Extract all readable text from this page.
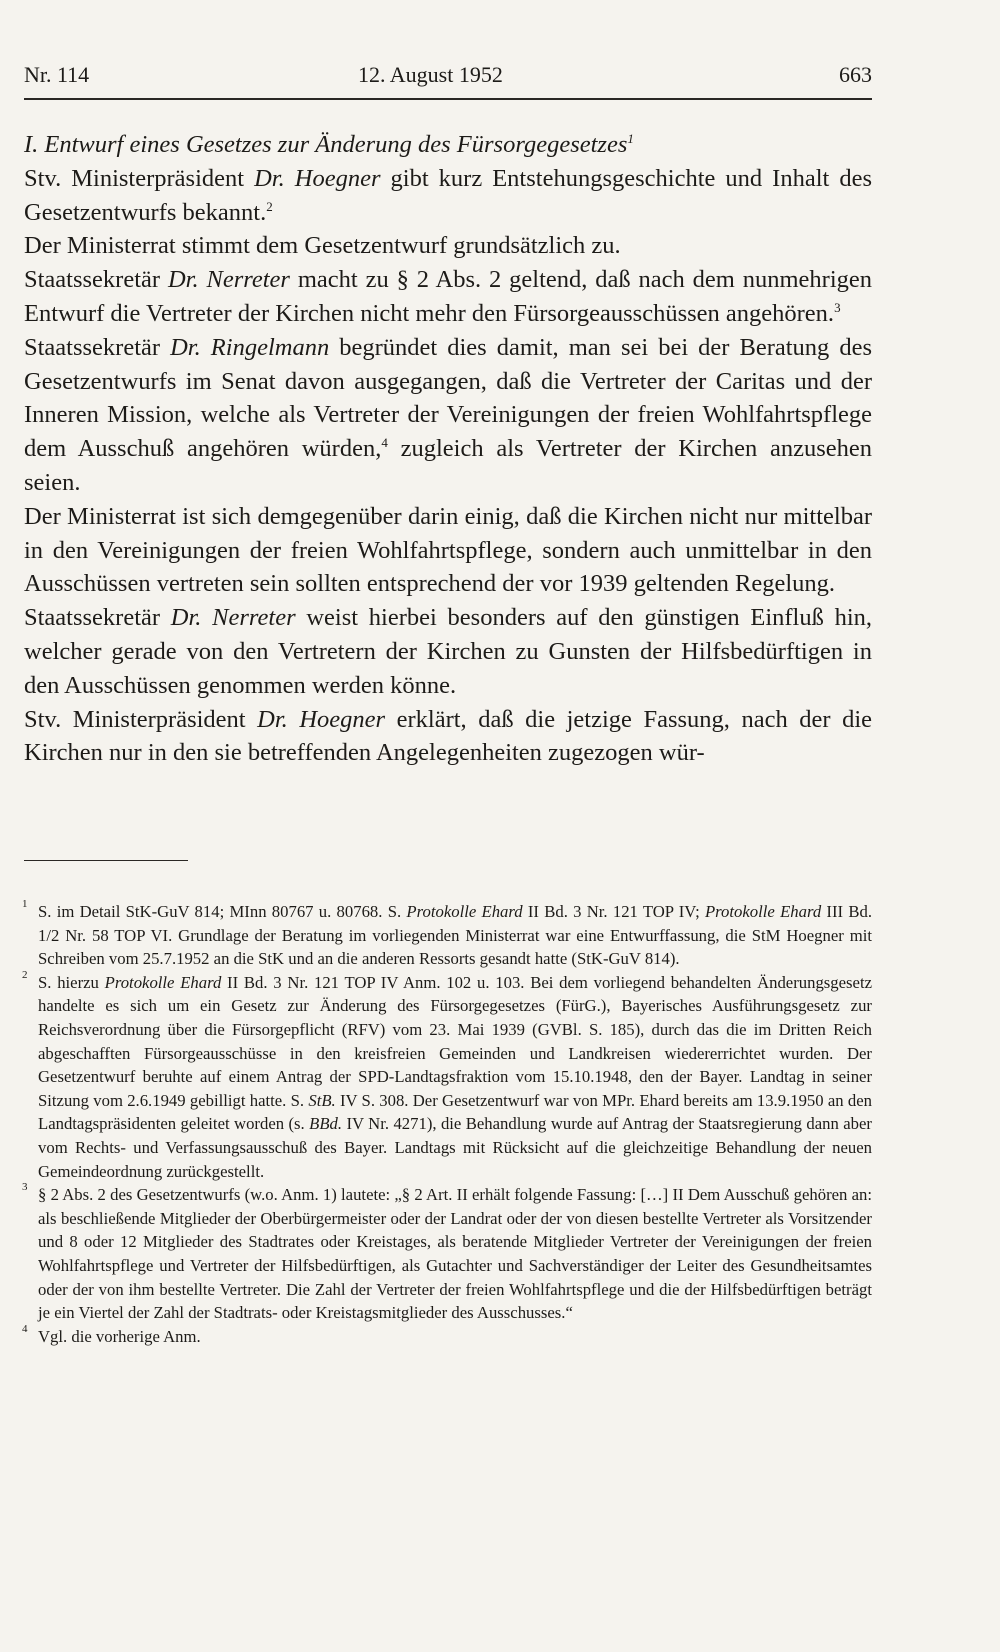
Nr. 114	12. August 1952	663

I. Entwurf eines Gesetzes zur Änderung des Fürsorgegesetzes$^1$

Stv. Ministerpräsident Dr. Hoegner gibt kurz Entstehungsgeschichte und Inhalt des Gesetzentwurfs bekannt.$^2$

Der Ministerrat stimmt dem Gesetzentwurf grundsätzlich zu.

Staatssekretär Dr. Nerreter macht zu § 2 Abs. 2 geltend, daß nach dem nunmehrigen Entwurf die Vertreter der Kirchen nicht mehr den Fürsorgeausschüssen angehören.$^3$

Staatssekretär Dr. Ringelmann begründet dies damit, man sei bei der Beratung des Gesetzentwurfs im Senat davon ausgegangen, daß die Vertreter der Caritas und der Inneren Mission, welche als Vertreter der Vereinigungen der freien Wohlfahrtspflege dem Ausschuß angehören würden,$^4$ zugleich als Vertreter der Kirchen anzusehen seien.

Der Ministerrat ist sich demgegenüber darin einig, daß die Kirchen nicht nur mittelbar in den Vereinigungen der freien Wohlfahrtspflege, sondern auch unmittelbar in den Ausschüssen vertreten sein sollten entsprechend der vor 1939 geltenden Regelung.

Staatssekretär Dr. Nerreter weist hierbei besonders auf den günstigen Einfluß hin, welcher gerade von den Vertretern der Kirchen zu Gunsten der Hilfsbedürftigen in den Ausschüssen genommen werden könne.

Stv. Ministerpräsident Dr. Hoegner erklärt, daß die jetzige Fassung, nach der die Kirchen nur in den sie betreffenden Angelegenheiten zugezogen wür-

1 S. im Detail StK-GuV 814; MInn 80767 u. 80768. S. Protokolle Ehard II Bd. 3 Nr. 121 TOP IV; Protokolle Ehard III Bd. 1/2 Nr. 58 TOP VI. Grundlage der Beratung im vorliegenden Ministerrat war eine Entwurffassung, die StM Hoegner mit Schreiben vom 25.7.1952 an die StK und an die anderen Ressorts gesandt hatte (StK-GuV 814).

2 S. hierzu Protokolle Ehard II Bd. 3 Nr. 121 TOP IV Anm. 102 u. 103. Bei dem vorliegend behandelten Änderungsgesetz handelte es sich um ein Gesetz zur Änderung des Fürsorgegesetzes (FürG.), Bayerisches Ausführungsgesetz zur Reichsverordnung über die Fürsorgepflicht (RFV) vom 23. Mai 1939 (GVBl. S. 185), durch das die im Dritten Reich abgeschafften Fürsorgeausschüsse in den kreisfreien Gemeinden und Landkreisen wiedererrichtet wurden. Der Gesetzentwurf beruhte auf einem Antrag der SPD-Landtagsfraktion vom 15.10.1948, den der Bayer. Landtag in seiner Sitzung vom 2.6.1949 gebilligt hatte. S. StB. IV S. 308. Der Gesetzentwurf war von MPr. Ehard bereits am 13.9.1950 an den Landtagspräsidenten geleitet worden (s. BBd. IV Nr. 4271), die Behandlung wurde auf Antrag der Staatsregierung dann aber vom Rechts- und Verfassungsausschuß des Bayer. Landtags mit Rücksicht auf die gleichzeitige Behandlung der neuen Gemeindeordnung zurückgestellt.

3 § 2 Abs. 2 des Gesetzentwurfs (w.o. Anm. 1) lautete: „§ 2 Art. II erhält folgende Fassung: […] II Dem Ausschuß gehören an: als beschließende Mitglieder der Oberbürgermeister oder der Landrat oder der von diesen bestellte Vertreter als Vorsitzender und 8 oder 12 Mitglieder des Stadtrates oder Kreistages, als beratende Mitglieder Vertreter der Vereinigungen der freien Wohlfahrtspflege und Vertreter der Hilfsbedürftigen, als Gutachter und Sachverständiger der Leiter des Gesundheitsamtes oder der von ihm bestellte Vertreter. Die Zahl der Vertreter der freien Wohlfahrtspflege und die der Hilfsbedürftigen beträgt je ein Viertel der Zahl der Stadtrats- oder Kreistagsmitglieder des Ausschusses.“

4 Vgl. die vorherige Anm.
